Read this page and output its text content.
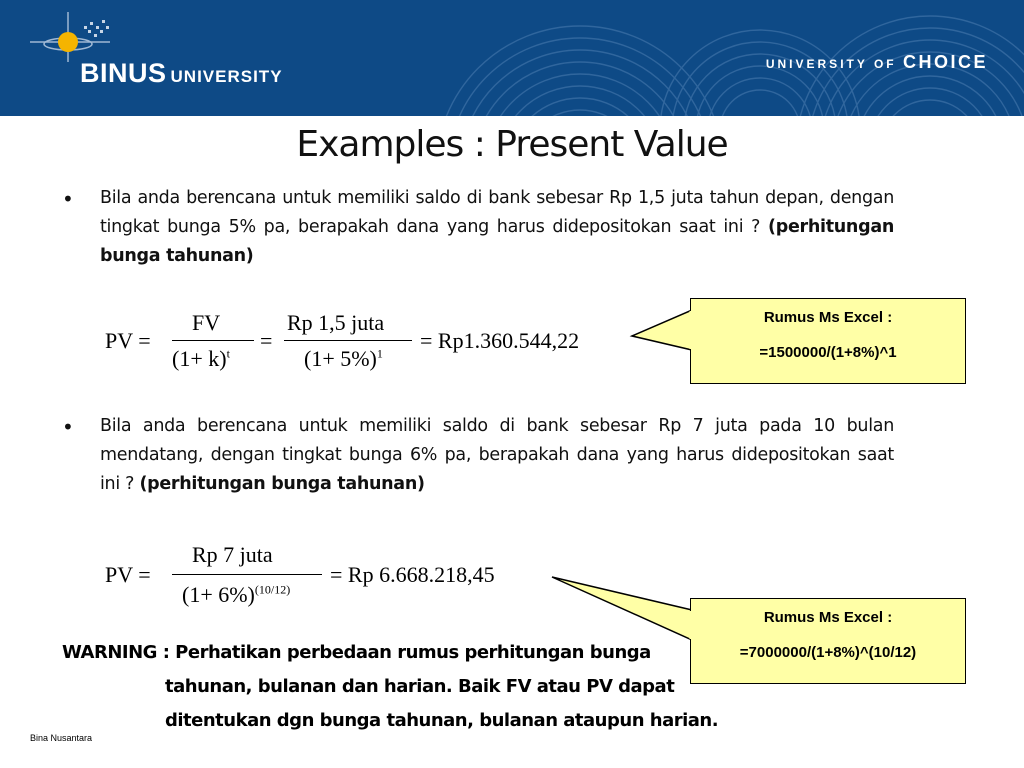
BINUS UNIVERSITY
UNIVERSITY OF CHOICE
Examples : Present Value
• Bila anda berencana untuk memiliki saldo di bank sebesar Rp 1,5 juta tahun depan, dengan tingkat bunga 5% pa, berapakah dana yang harus didepositokan saat ini ? (perhitungan bunga tahunan)
PV =
FV
$(1+ k)^t$
=
Rp 1,5 juta
$(1+ 5\%)^1$
= Rp1.360.544,22
Rumus Ms Excel :
=1500000/(1+8%)^1
• Bila anda berencana untuk memiliki saldo di bank sebesar Rp 7 juta pada 10 bulan mendatang, dengan tingkat bunga 6% pa, berapakah dana yang harus didepositokan saat ini ? (perhitungan bunga tahunan)
PV =
Rp 7 juta
$(1+ 6\%)^{(10/12)}$
= Rp 6.668.218,45
Rumus Ms Excel :
=7000000/(1+8%)^(10/12)
WARNING : Perhatikan perbedaan rumus perhitungan bunga
tahunan, bulanan dan harian. Baik FV atau PV dapat
ditentukan dgn bunga tahunan, bulanan ataupun harian.
Bina Nusantara
